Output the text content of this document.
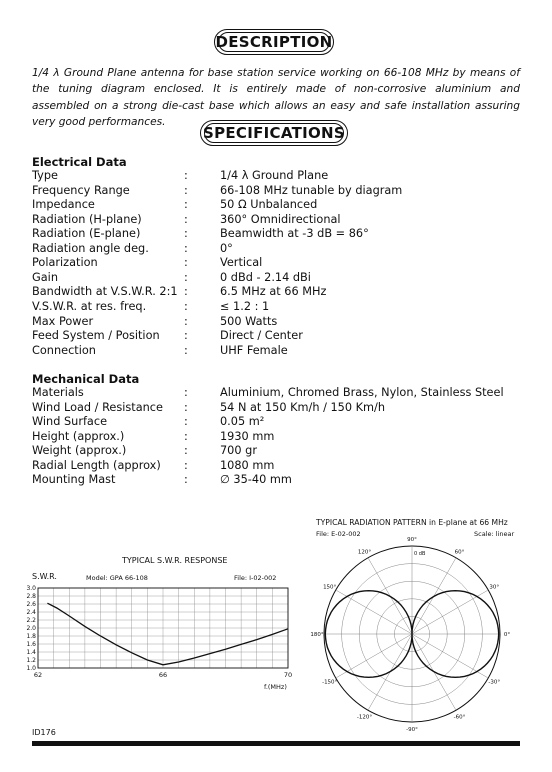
DESCRIPTION
1/4 λ Ground Plane antenna for base station service working on 66-108 MHz by means of the tuning diagram enclosed. It is entirely made of non-corrosive aluminium and assembled on a strong die-cast base which allows an easy and safe installation assuring very good performances.
SPECIFICATIONS
Electrical Data
Type	:	1/4 λ Ground Plane
Frequency Range	:	66-108 MHz tunable by diagram
Impedance	:	50 Ω Unbalanced
Radiation (H-plane)	:	360° Omnidirectional
Radiation (E-plane)	:	Beamwidth at -3 dB = 86°
Radiation angle deg.	:	0°
Polarization	:	Vertical
Gain	:	0 dBd - 2.14 dBi
Bandwidth at V.S.W.R. 2:1 :	6.5 MHz at 66 MHz
V.S.W.R. at res. freq.	:	≤ 1.2 : 1
Max Power	:	500 Watts
Feed System / Position :	Direct / Center
Connection	:	UHF Female
Mechanical Data
Materials	:	Aluminium, Chromed Brass, Nylon, Stainless Steel
Wind Load / Resistance :	54 N at 150 Km/h / 150 Km/h
Wind Surface	:	0.05 m²
Height (approx.)	:	1930 mm
Weight (approx.)	:	700 gr
Radial Length (approx) :	1080 mm
Mounting Mast	:	∅ 35-40 mm
TYPICAL S.W.R. RESPONSE
S.W.R.	Model: GPA 66-108	File: I-02-002
f.(MHz)
3.0
2.8
2.6
2.4
2.2
2.0
1.8
1.6
1.4
1.2
1.0
62	66	70
TYPICAL RADIATION PATTERN in E-plane at 66 MHz
File: E-02-002	Scale: linear
90°
60°
30°
0°
-30°
-60°
-90°
-120°
-150°
180°
150°
120°	0 dB
ID176
